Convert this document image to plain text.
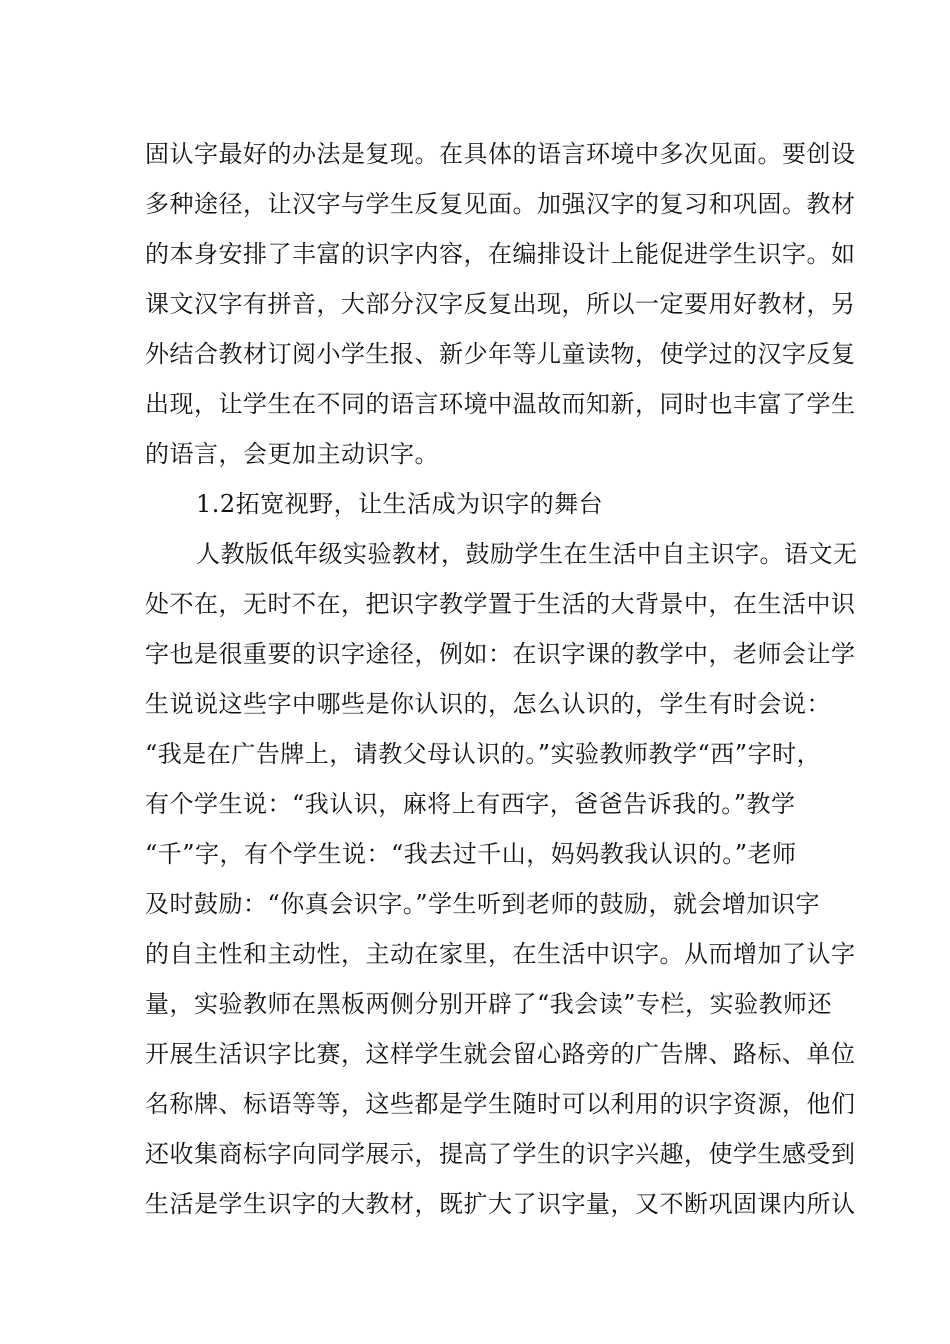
固认字最好的办法是复现。在具体的语言环境中多次见面。要创设
多种途径，让汉字与学生反复见面。加强汉字的复习和巩固。教材
的本身安排了丰富的识字内容，在编排设计上能促进学生识字。如
课文汉字有拼音，大部分汉字反复出现，所以一定要用好教材，另
外结合教材订阅小学生报、新少年等儿童读物，使学过的汉字反复
出现，让学生在不同的语言环境中温故而知新，同时也丰富了学生
的语言，会更加主动识字。
1.2拓宽视野，让生活成为识字的舞台
人教版低年级实验教材，鼓励学生在生活中自主识字。语文无
处不在，无时不在，把识字教学置于生活的大背景中，在生活中识
字也是很重要的识字途径，例如：在识字课的教学中，老师会让学
生说说这些字中哪些是你认识的，怎么认识的，学生有时会说：
“我是在广告牌上，请教父母认识的。”实验教师教学“西”字时，
有个学生说：“我认识，麻将上有西字，爸爸告诉我的。”教学
“千”字，有个学生说：“我去过千山，妈妈教我认识的。”老师
及时鼓励：“你真会识字。”学生听到老师的鼓励，就会增加识字
的自主性和主动性，主动在家里，在生活中识字。从而增加了认字
量，实验教师在黑板两侧分别开辟了“我会读”专栏，实验教师还
开展生活识字比赛，这样学生就会留心路旁的广告牌、路标、单位
名称牌、标语等等，这些都是学生随时可以利用的识字资源，他们
还收集商标字向同学展示，提高了学生的识字兴趣，使学生感受到
生活是学生识字的大教材，既扩大了识字量，又不断巩固课内所认
